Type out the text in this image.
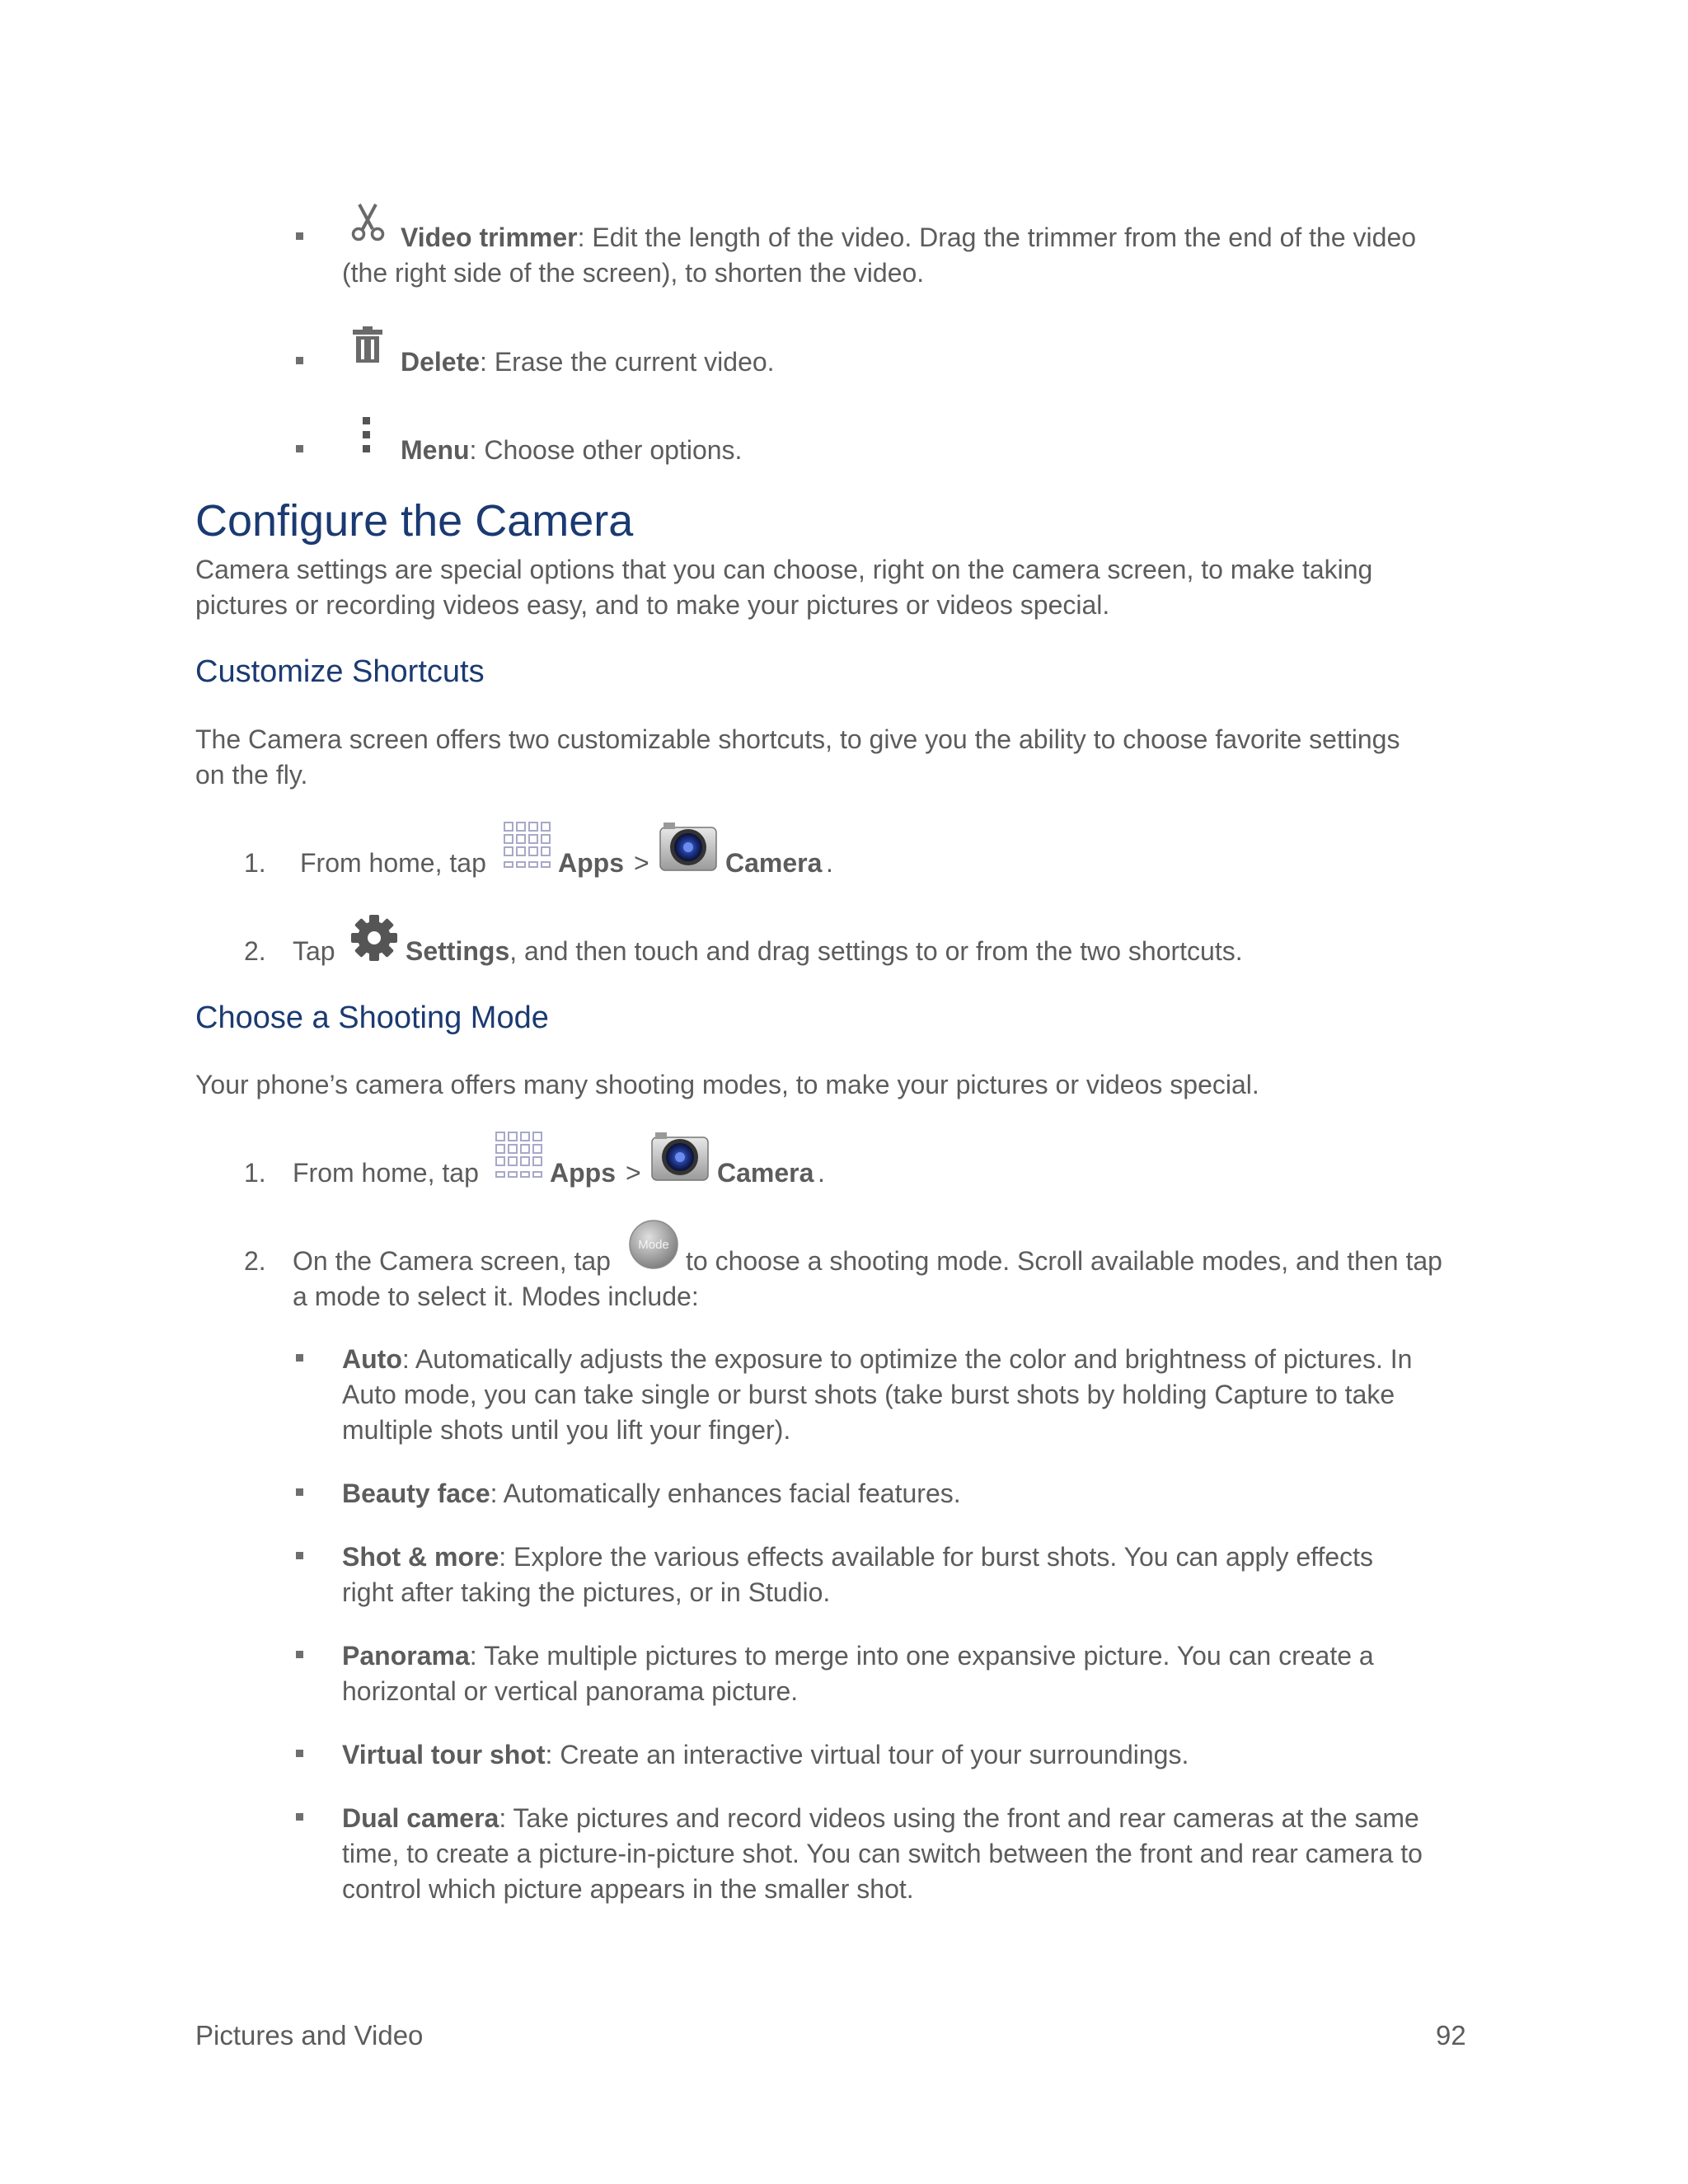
Video trimmer: Edit the length of the video. Drag the trimmer from the end of the video
(the right side of the screen), to shorten the video.
Delete: Erase the current video.
Menu: Choose other options.
Configure the Camera
Camera settings are special options that you can choose, right on the camera screen, to make taking
pictures or recording videos easy, and to make your pictures or videos special.
Customize Shortcuts
The Camera screen offers two customizable shortcuts, to give you the ability to choose favorite settings
on the fly.
1. From home, tap	Apps >	Camera .
2. Tap	Settings, and then touch and drag settings to or from the two shortcuts.
Choose a Shooting Mode
Your phone’s camera offers many shooting modes, to make your pictures or videos special.
1. From home, tap	Apps >	Camera .
2. On the Camera screen, tap
Mode
to choose a shooting mode. Scroll available modes, and then tap
a mode to select it. Modes include:
Auto: Automatically adjusts the exposure to optimize the color and brightness of pictures. In
Auto mode, you can take single or burst shots (take burst shots by holding Capture to take
multiple shots until you lift your finger).
Beauty face: Automatically enhances facial features.
Shot & more: Explore the various effects available for burst shots. You can apply effects
right after taking the pictures, or in Studio.
Panorama: Take multiple pictures to merge into one expansive picture. You can create a
horizontal or vertical panorama picture.
Virtual tour shot: Create an interactive virtual tour of your surroundings.
Dual camera: Take pictures and record videos using the front and rear cameras at the same
time, to create a picture-in-picture shot. You can switch between the front and rear camera to
control which picture appears in the smaller shot.
Pictures and Video	92
